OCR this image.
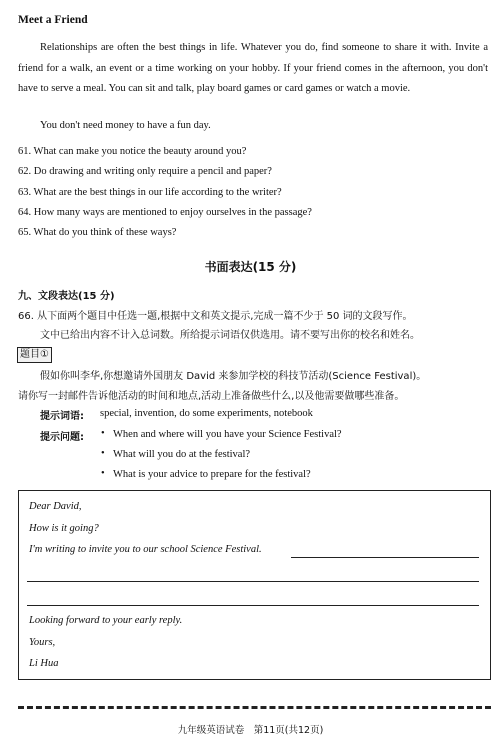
Meet a Friend
Relationships are often the best things in life. Whatever you do, find someone to share it with. Invite a friend for a walk, an event or a time working on your hobby. If your friend comes in the afternoon, you don't have to serve a meal. You can sit and talk, play board games or card games or watch a movie.
You don't need money to have a fun day.
61. What can make you notice the beauty around you?
62. Do drawing and writing only require a pencil and paper?
63. What are the best things in our life according to the writer?
64. How many ways are mentioned to enjoy ourselves in the passage?
65. What do you think of these ways?
书面表达(15 分)
九、文段表达(15 分)
66. 从下面两个题目中任选一题,根据中文和英文提示,完成一篇不少于 50 词的文段写作。
文中已给出内容不计入总词数。所给提示词语仅供选用。请不要写出你的校名和姓名。
题目①
假如你叫李华,你想邀请外国朋友 David 来参加学校的科技节活动(Science Festival)。
请你写一封邮件告诉他活动的时间和地点,活动上准备做些什么,以及他需要做哪些准备。
提示词语: special, invention, do some experiments, notebook
提示问题: • When and where will you have your Science Festival?
• What will you do at the festival?
• What is your advice to prepare for the festival?
Dear David,
How is it going?
I'm writing to invite you to our school Science Festival.
Looking forward to your early reply.
Yours,
Li Hua
九年级英语试卷　第11页(共12页)
